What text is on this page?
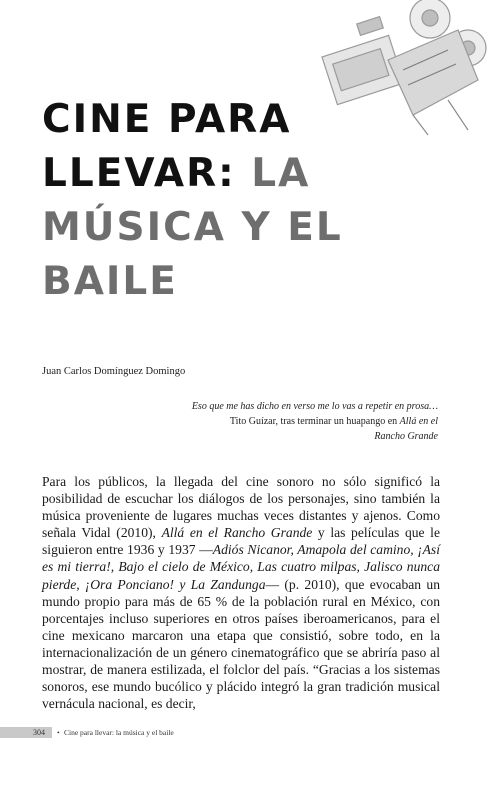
CINE PARA
LLEVAR: LA
MÚSICA Y EL
BAILE
Juan Carlos Domínguez Domingo
Eso que me has dicho en verso me lo vas a repetir en prosa…
Tito Guízar, tras terminar un huapango en Allá en el
Rancho Grande

Para los públicos, la llegada del cine sonoro no sólo significó la posibilidad de escuchar los diálogos de los personajes, sino también la música proveniente de lugares muchas veces distantes y ajenos. Como señala Vidal (2010), Allá en el Rancho Grande y las películas que le siguieron entre 1936 y 1937 —Adiós Nicanor, Amapola del camino, ¡Así es mi tierra!, Bajo el cielo de México, Las cuatro milpas, Jalisco nunca pierde, ¡Ora Ponciano! y La Zandunga— (p. 2010), que evocaban un mundo propio para más de 65 % de la población rural en México, con porcentajes incluso superiores en otros países iberoamericanos, para el cine mexicano marcaron una etapa que consistió, sobre todo, en la internacionalización de un género cinematográfico que se abriría paso al mostrar, de manera estilizada, el folclor del país. “Gracias a los sistemas sonoros, ese mundo bucólico y plácido integró la gran tradición musical vernácula nacional, es decir,

304 • Cine para llevar: la música y el baile
